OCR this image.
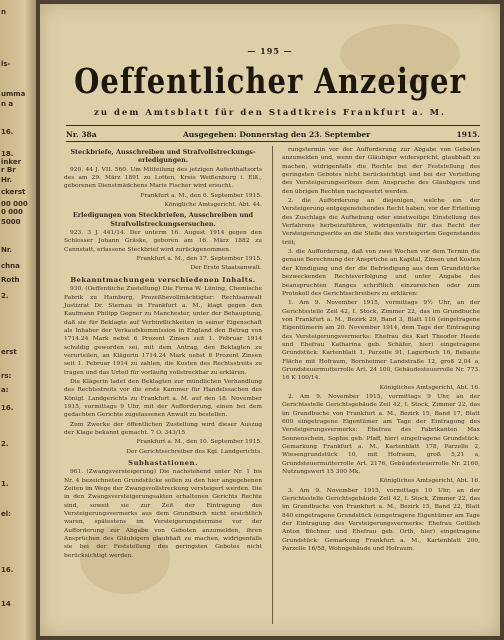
n
ls-
umma
n a
16.
18.
inker
r Br
Hr.
ckerst
00 000
0 000
5000
Nr.
chna
Roth
2.
erst
rs:
a:
16.
2.
1.
el:
16.
14
— 195 —
Oeffentlicher Anzeiger
zu dem Amtsblatt für den Stadtkreis Frankfurt a. M.
Nr. 38a	Ausgegeben: Donnerstag den 23. September	1915.

Steckbriefe, Ausschreiben und Strafvollstreckungs-erledigungen.

920. 44 J. VII. 560. Um Mitteilung des jetzigen Aufenthaltsorts des am 29. März 1891 zu Lotten, Kreis Weißenburg i. Elß., geborenen Dienstmädchens Marie Fischer wird ersucht.

Frankfurt a. M., den 6. September 1915.

Königliche Amtsgericht. Abt. 44.

Erledigungen von Steckbriefen, Ausschreiben und Strafvollstreckungsersuchen.

923. 3 J. 441/14. Der unterm 16. August 1914 gegen den Schlosser Johann Gräske, geboren am 16. März 1882 zu Cannstatt, erlassene Steckbrief wird zurückgenommen.

Frankfurt a. M., den 17. September 1915.

Der Erste Staatsanwalt.

Bekanntmachungen verschiedenen Inhalts.

930. (Oeffentliche Zustellung) Die Firma W. Lüning, Chemische Fabrik zu Hamburg, Prozeßbevollmächtigter: Rechtsanwalt Justizrat Dr. Sternau in Frankfurt a. M., klagt gegen den Kaufmann Philipp Gegner zu Manchester, unter der Behauptung, daß sie für Beklagte auf Verbindlichkeiten in seiner Eigenschaft als Inhaber der Verkaufskommission in England den Betrag von 1714.24 Mark nebst 6 Prozent Zinsen seit 1. Februar 1914 schuldig geworden sei, mit dem Antrag, den Beklagten zu verurteilen, an Klägerin 1714.24 Mark nebst 6 Prozent Zinsen seit 1. Februar 1914 zu zahlen, die Kosten des Rechtsstreits zu tragen und das Urteil für vorläufig vollstreckbar zu erklären.

Die Klägerin ladet den Beklagten zur mündlichen Verhandlung des Rechtsstreits vor die erste Kammer für Handelssachen des Königl. Landgerichts zu Frankfurt a. M. auf den 18. November 1915, vormittags 9 Uhr, mit der Aufforderung, einen bei dem gedachten Gerichte zugelassenen Anwalt zu bestellen.

Zum Zwecke der öffentlichen Zustellung wird dieser Auszug der Klage bekannt gemacht. 7 O. 343/15

Frankfurt a. M., den 10. September 1915.

Der Gerichtsschreiber des Kgl. Landgerichts.

Subhastationen.

961. (Zwangsversteigerung) Die nachstehend unter Nr. 1 bis Nr. 4 bezeichneten Grundstücke sollen zu den hier angegebenen Zeiten im Wege der Zwangsvollstreckung versteigert werden. Die in den Zwangsversteigerungsakten erhaltenen Gerichts Rechte sind, soweit sie zur Zeit der Eintragung des Versteigerungsvermerks aus dem Grundbuch nicht ersichtlich waren, spätestens im Versteigerungstermine vor der Aufforderung zur Abgabe von Geboten anzumelden, ihren Ansprüchen des Gläubigers glaubhaft zu machen, widrigenfalls sie bei der Feststellung des geringsten Gebotes nicht berücksichtigt werden.

rungstermin vor der Aufforderung zur Abgabe von Geboten anzumelden und, wenn der Gläubiger widerspricht, glaubhaft zu machen, widrigenfalls die Rechte bei der Feststellung des geringsten Gebotes nicht berücksichtigt und bei der Verteilung des Versteigerungserlöses dem Anspruche des Gläubigers und den übrigen Rechten nachgesetzt werden.

2. die Aufforderung an diejenigen, welche ein der Versteigerung entgegenstehendes Recht haben, vor der Erteilung des Zuschlags die Aufhebung oder einstweilige Einstellung des Verfahrens herbeizuführen, widrigenfalls für das Recht der Versteigerungserlös an die Stelle des versteigerten Gegenstandes tritt;

3. die Aufforderung, daß von zwei Wochen vor dem Termin die genaue Berechnung der Ansprüche an Kapital, Zinsen und Kosten der Kündigung und der die Befriedigung aus dem Grundstücke bezweckenden Rechtsverfolgung und unter Angabe des beanspruchten Ranges schriftlich einzureichen oder zum Protokoll des Gerichtsschreibers zu erklären:

1. Am 9. November 1915, vormittags 9½ Uhr, an der Gerichtsstelle Zeil 42, I. Stock, Zimmer 22, das im Grundbuche von Frankfurt a. M., Bezirk 29, Band 3, Blatt 110 (eingetragene Eigentümerin am 20. November 1914, dem Tage der Eintragung des Versteigerungsvermerks: Ehefrau des Karl Theodor Heede und Ehefrau Katharina geb. Schäfer, hier) eingetragene Grundstück: Kartenblatt 1, Parzelle 91, Lagerbuch 16, Bebaute Fläche mit Hofraum, Bornheimer Landstraße 12, groß 2,04 a, Grundsteuermutterrolle Art. 24 100, Gebäudesteuerrolle Nr. 773. 16 K 100/14.

Königliches Amtsgericht, Abt. 16.

2. Am 9. November 1915, vormittags 9 Uhr, an der Gerichtsstelle Gerichtsgebäude Zeil 42, I. Stock, Zimmer 22, das im Grundbuche von Frankfurt a. M., Bezirk 15, Band 17, Blatt 600 eingetragene Eigentümer am Tage der Eintragung des Versteigerungsvermerks: Ehefrau des Fabrikanten Max Sonnenschein, Sophie geb. Pfaff, hier) eingetragene Grundstück: Gemarkung Frankfurt a. M., Kartenblatt 178, Parzelle 2, Wiesengrundstück 10, mit Hofraum, groß 5,21 a, Grundsteuermutterrolle Art. 2176, Gebäudesteuerrolle Nr. 2160, Nutzungswert 15 300 Mk.

Königliches Amtsgericht, Abt. 16.

3. Am 9. November 1915, vormittags 10 Uhr, an der Gerichtsstelle Gerichtsgebäude Zeil 42, I. Stock, Zimmer 22, das im Grundbuche von Frankfurt a. M., Bezirk 15, Band 22, Blatt 840 eingetragene Grundstück (eingetragene Eigentümer am Tage der Eintragung des Versteigerungsvermerks: Ehefrau Gottlieb Anton Büchner und Ehefrau geb. Orth, hier) eingetragene Grundstück: Gemarkung Frankfurt a. M., Kartenblatt 200, Parzelle 16/58, Wohngebäude und Hofraum.
